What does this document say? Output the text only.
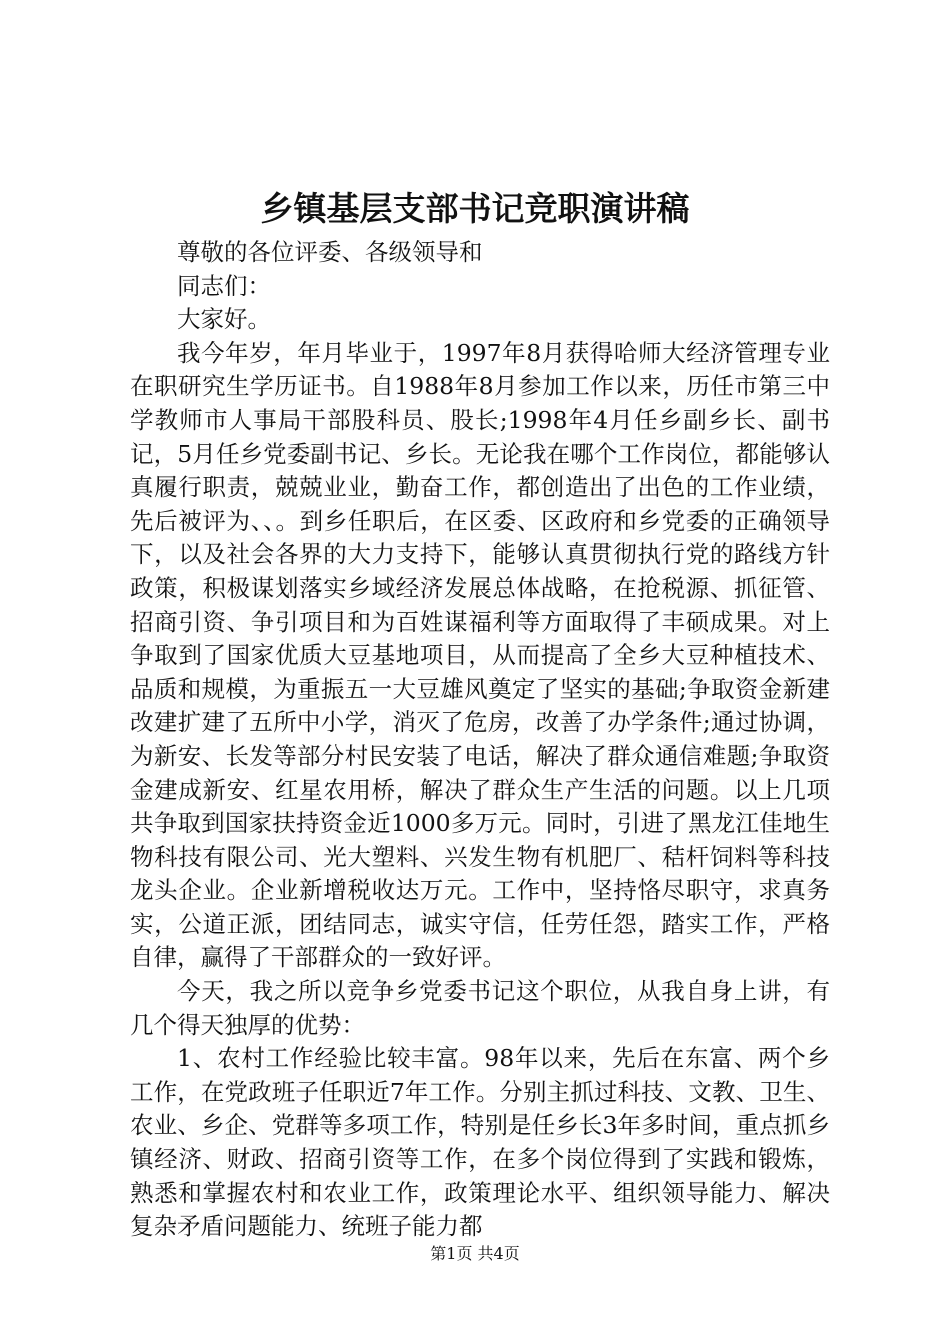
乡镇基层支部书记竞职演讲稿

尊敬的各位评委、各级领导和

同志们：

大家好。

我今年岁，年月毕业于，1997年8月获得哈师大经济管理专业在职研究生学历证书。自1988年8月参加工作以来，历任市第三中学教师市人事局干部股科员、股长;1998年4月任乡副乡长、副书记，5月任乡党委副书记、乡长。无论我在哪个工作岗位，都能够认真履行职责，兢兢业业，勤奋工作，都创造出了出色的工作业绩，先后被评为、、。到乡任职后，在区委、区政府和乡党委的正确领导下，以及社会各界的大力支持下，能够认真贯彻执行党的路线方针政策，积极谋划落实乡域经济发展总体战略，在抢税源、抓征管、招商引资、争引项目和为百姓谋福利等方面取得了丰硕成果。对上争取到了国家优质大豆基地项目，从而提高了全乡大豆种植技术、品质和规模，为重振五一大豆雄风奠定了坚实的基础;争取资金新建改建扩建了五所中小学，消灭了危房，改善了办学条件;通过协调，为新安、长发等部分村民安装了电话，解决了群众通信难题;争取资金建成新安、红星农用桥，解决了群众生产生活的问题。以上几项共争取到国家扶持资金近1000多万元。同时，引进了黑龙江佳地生物科技有限公司、光大塑料、兴发生物有机肥厂、秸杆饲料等科技龙头企业。企业新增税收达万元。工作中，坚持恪尽职守，求真务实，公道正派，团结同志，诚实守信，任劳任怨，踏实工作，严格自律，赢得了干部群众的一致好评。

今天，我之所以竞争乡党委书记这个职位，从我自身上讲，有几个得天独厚的优势：

1、农村工作经验比较丰富。98年以来，先后在东富、两个乡工作，在党政班子任职近7年工作。分别主抓过科技、文教、卫生、农业、乡企、党群等多项工作，特别是任乡长3年多时间，重点抓乡镇经济、财政、招商引资等工作，在多个岗位得到了实践和锻炼，熟悉和掌握农村和农业工作，政策理论水平、组织领导能力、解决复杂矛盾问题能力、统班子能力都

第1页 共4页
